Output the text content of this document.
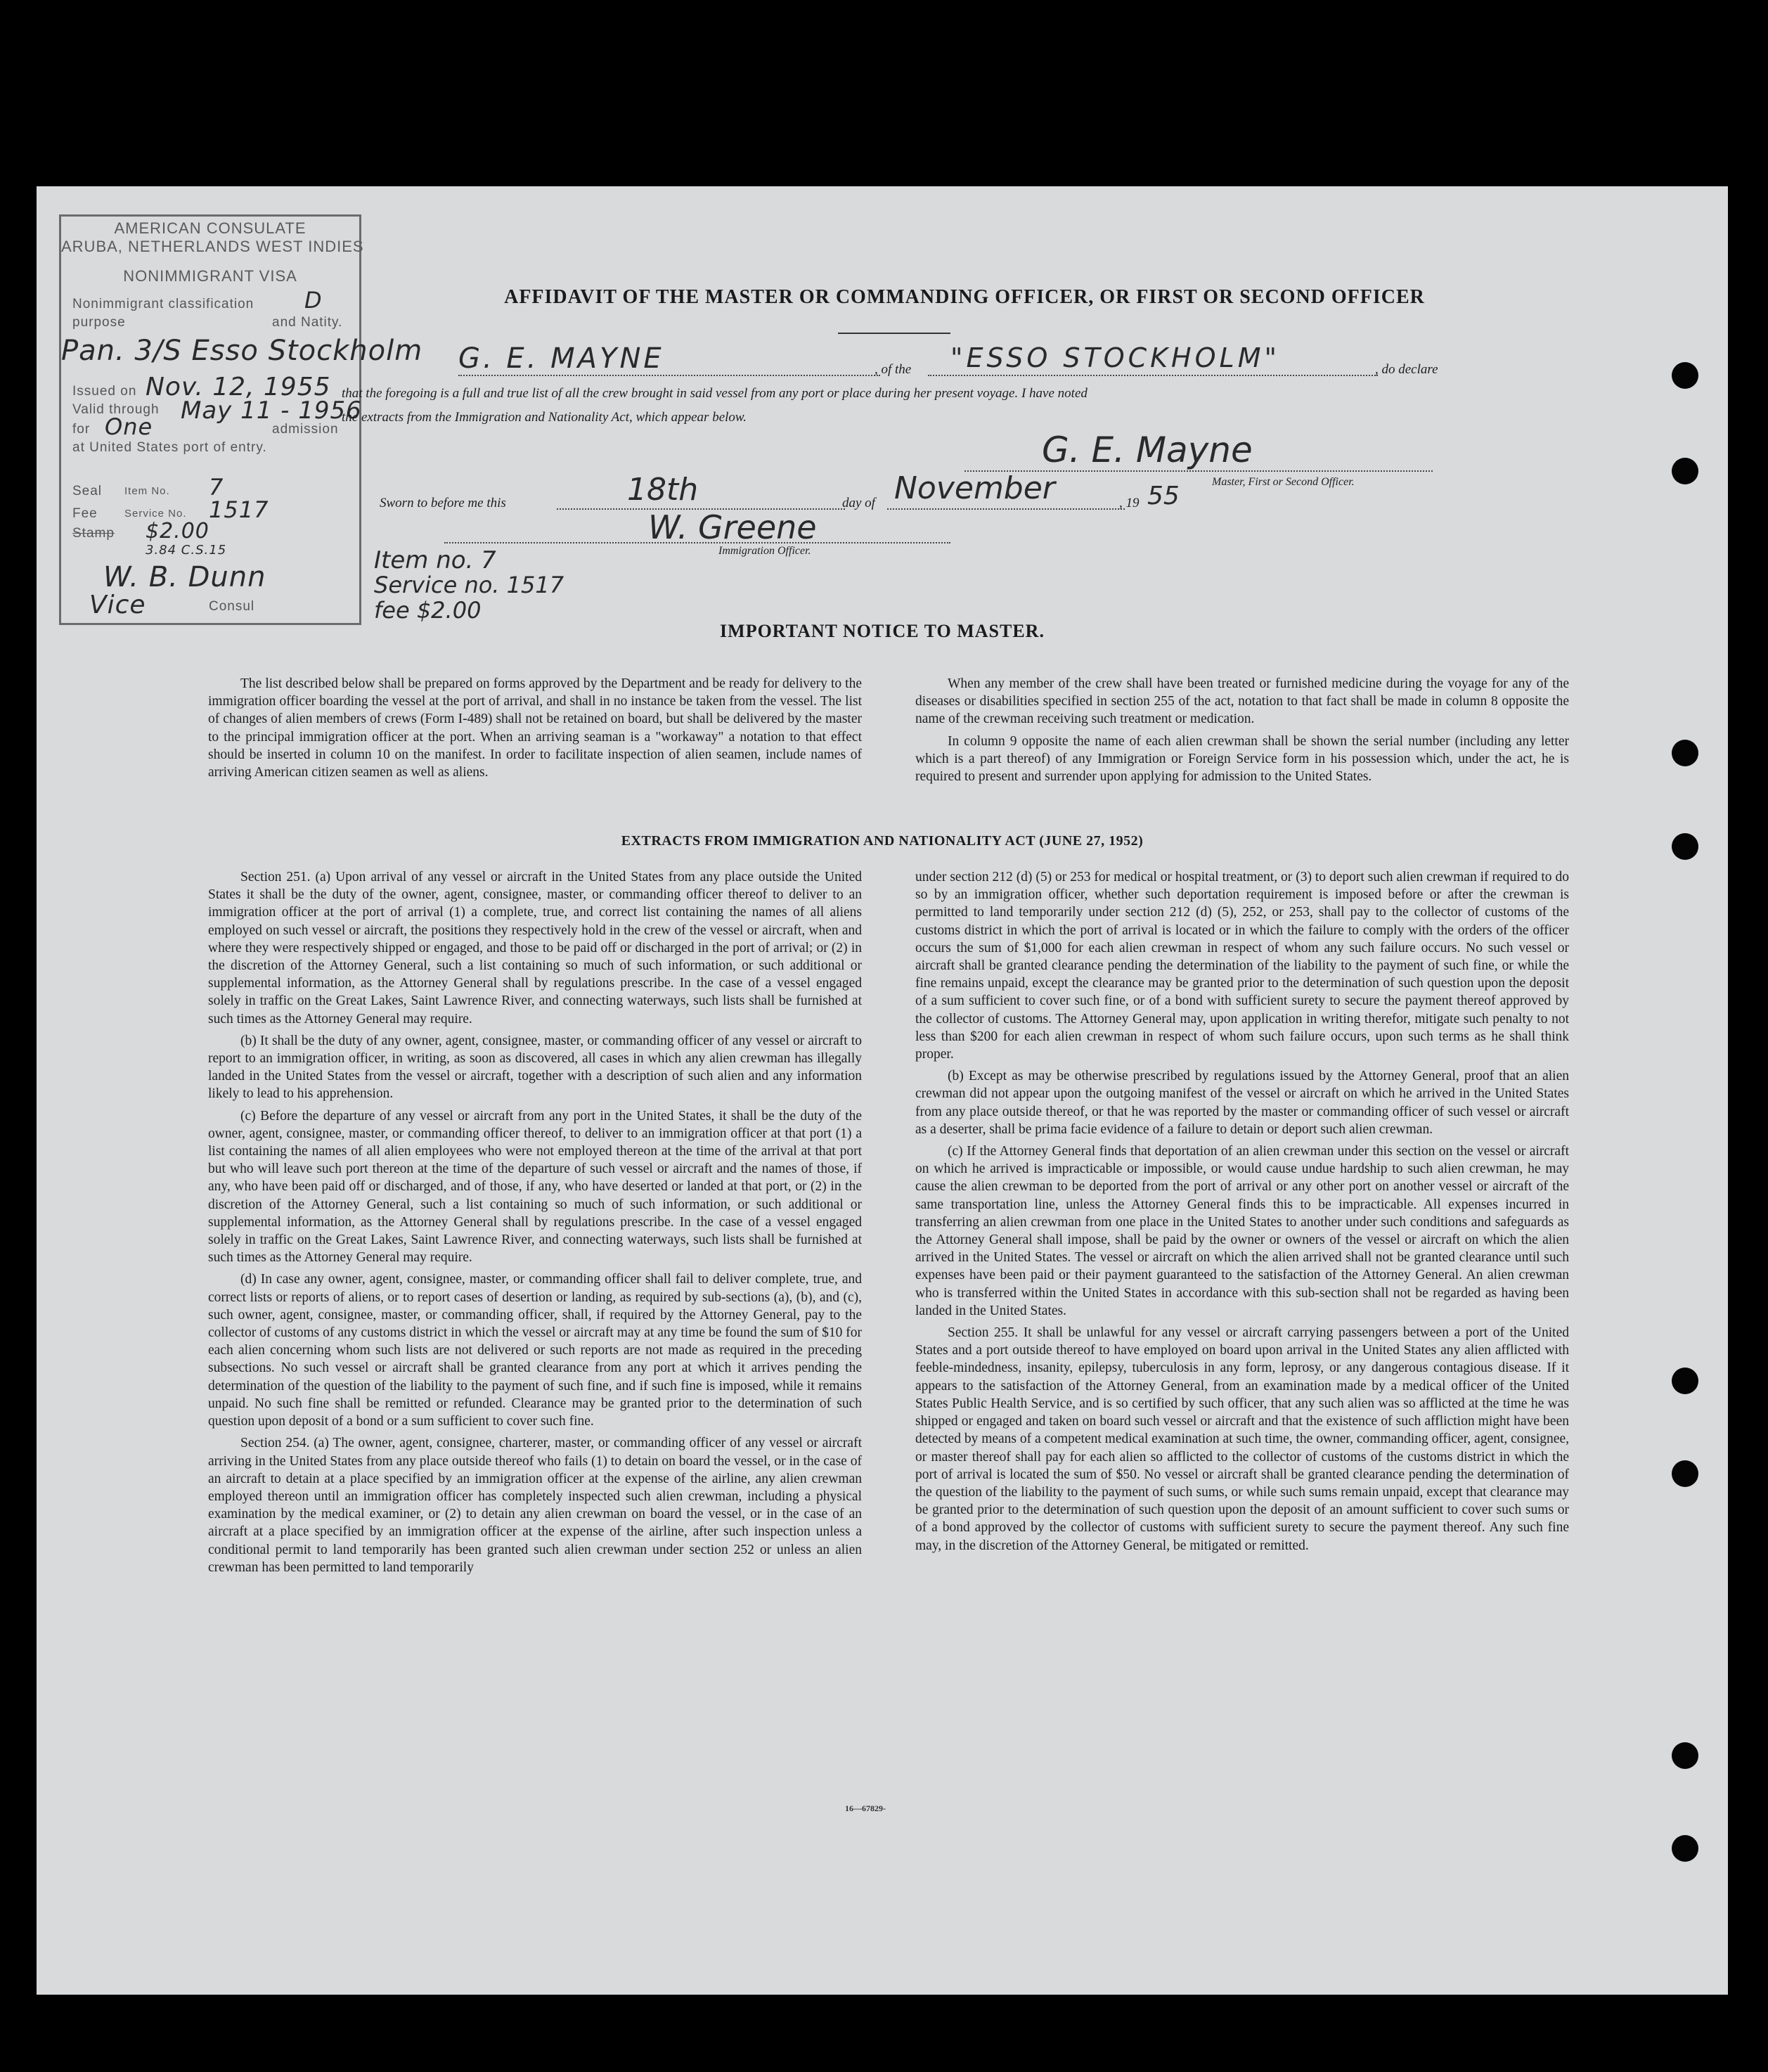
AMERICAN CONSULATE
ARUBA, NETHERLANDS WEST INDIES
NONIMMIGRANT VISA
Nonimmigrant classification D
purpose	and Natity.
Pan. 3/S Esso Stockholm
Issued on Nov. 12, 1955
Valid through May 11 - 1956
for One	admission
at United States port of entry.
Seal Item No. 7
Fee	Service No. 1517
Stamp $2.00
3.84 C.S.15
W. B. Dunn
Vice	Consul
AFFIDAVIT OF THE MASTER OR COMMANDING OFFICER, OR FIRST OR SECOND OFFICER
G. E. MAYNE	, of the "ESSO STOCKHOLM"	, do declare
that the foregoing is a full and true list of all the crew brought in said vessel from any port or place during her present voyage. I have noted
the extracts from the Immigration and Nationality Act, which appear below.
G. E. Mayne
Master, First or Second Officer.
Sworn to before me this	18th	day of November	, 19 55
W. Greene
Immigration Officer.
Item no. 7
Service no. 1517
fee $2.00
IMPORTANT NOTICE TO MASTER.

The list described below shall be prepared on forms approved by the Department and be ready for delivery to the immigration officer boarding the vessel at the port of arrival, and shall in no instance be taken from the vessel. The list of changes of alien members of crews (Form I-489) shall not be retained on board, but shall be delivered by the master to the principal immigration officer at the port. When an arriving seaman is a "workaway" a notation to that effect should be inserted in column 10 on the manifest. In order to facilitate inspection of alien seamen, include names of arriving American citizen seamen as well as aliens.

When any member of the crew shall have been treated or furnished medicine during the voyage for any of the diseases or disabilities specified in section 255 of the act, notation to that fact shall be made in column 8 opposite the name of the crewman receiving such treatment or medication.

In column 9 opposite the name of each alien crewman shall be shown the serial number (including any letter which is a part thereof) of any Immigration or Foreign Service form in his possession which, under the act, he is required to present and surrender upon applying for admission to the United States.

EXTRACTS FROM IMMIGRATION AND NATIONALITY ACT (JUNE 27, 1952)

Section 251. (a) Upon arrival of any vessel or aircraft in the United States from any place outside the United States it shall be the duty of the owner, agent, consignee, master, or commanding officer thereof to deliver to an immigration officer at the port of arrival (1) a complete, true, and correct list containing the names of all aliens employed on such vessel or aircraft, the positions they respectively hold in the crew of the vessel or aircraft, when and where they were respectively shipped or engaged, and those to be paid off or discharged in the port of arrival; or (2) in the discretion of the Attorney General, such a list containing so much of such information, or such additional or supplemental information, as the Attorney General shall by regulations prescribe. In the case of a vessel engaged solely in traffic on the Great Lakes, Saint Lawrence River, and connecting waterways, such lists shall be furnished at such times as the Attorney General may require.

(b) It shall be the duty of any owner, agent, consignee, master, or commanding officer of any vessel or aircraft to report to an immigration officer, in writing, as soon as discovered, all cases in which any alien crewman has illegally landed in the United States from the vessel or aircraft, together with a description of such alien and any information likely to lead to his apprehension.

(c) Before the departure of any vessel or aircraft from any port in the United States, it shall be the duty of the owner, agent, consignee, master, or commanding officer thereof, to deliver to an immigration officer at that port (1) a list containing the names of all alien employees who were not employed thereon at the time of the arrival at that port but who will leave such port thereon at the time of the departure of such vessel or aircraft and the names of those, if any, who have been paid off or discharged, and of those, if any, who have deserted or landed at that port, or (2) in the discretion of the Attorney General, such a list containing so much of such information, or such additional or supplemental information, as the Attorney General shall by regulations prescribe. In the case of a vessel engaged solely in traffic on the Great Lakes, Saint Lawrence River, and connecting waterways, such lists shall be furnished at such times as the Attorney General may require.

(d) In case any owner, agent, consignee, master, or commanding officer shall fail to deliver complete, true, and correct lists or reports of aliens, or to report cases of desertion or landing, as required by sub-sections (a), (b), and (c), such owner, agent, consignee, master, or commanding officer, shall, if required by the Attorney General, pay to the collector of customs of any customs district in which the vessel or aircraft may at any time be found the sum of $10 for each alien concerning whom such lists are not delivered or such reports are not made as required in the preceding subsections. No such vessel or aircraft shall be granted clearance from any port at which it arrives pending the determination of the question of the liability to the payment of such fine, and if such fine is imposed, while it remains unpaid. No such fine shall be remitted or refunded. Clearance may be granted prior to the determination of such question upon deposit of a bond or a sum sufficient to cover such fine.

Section 254. (a) The owner, agent, consignee, charterer, master, or commanding officer of any vessel or aircraft arriving in the United States from any place outside thereof who fails (1) to detain on board the vessel, or in the case of an aircraft to detain at a place specified by an immigration officer at the expense of the airline, any alien crewman employed thereon until an immigration officer has completely inspected such alien crewman, including a physical examination by the medical examiner, or (2) to detain any alien crewman on board the vessel, or in the case of an aircraft at a place specified by an immigration officer at the expense of the airline, after such inspection unless a conditional permit to land temporarily has been granted such alien crewman under section 252 or unless an alien crewman has been permitted to land temporarily

under section 212 (d) (5) or 253 for medical or hospital treatment, or (3) to deport such alien crewman if required to do so by an immigration officer, whether such deportation requirement is imposed before or after the crewman is permitted to land temporarily under section 212 (d) (5), 252, or 253, shall pay to the collector of customs of the customs district in which the port of arrival is located or in which the failure to comply with the orders of the officer occurs the sum of $1,000 for each alien crewman in respect of whom any such failure occurs. No such vessel or aircraft shall be granted clearance pending the determination of the liability to the payment of such fine, or while the fine remains unpaid, except the clearance may be granted prior to the determination of such question upon the deposit of a sum sufficient to cover such fine, or of a bond with sufficient surety to secure the payment thereof approved by the collector of customs. The Attorney General may, upon application in writing therefor, mitigate such penalty to not less than $200 for each alien crewman in respect of whom such failure occurs, upon such terms as he shall think proper.

(b) Except as may be otherwise prescribed by regulations issued by the Attorney General, proof that an alien crewman did not appear upon the outgoing manifest of the vessel or aircraft on which he arrived in the United States from any place outside thereof, or that he was reported by the master or commanding officer of such vessel or aircraft as a deserter, shall be prima facie evidence of a failure to detain or deport such alien crewman.

(c) If the Attorney General finds that deportation of an alien crewman under this section on the vessel or aircraft on which he arrived is impracticable or impossible, or would cause undue hardship to such alien crewman, he may cause the alien crewman to be deported from the port of arrival or any other port on another vessel or aircraft of the same transportation line, unless the Attorney General finds this to be impracticable. All expenses incurred in transferring an alien crewman from one place in the United States to another under such conditions and safeguards as the Attorney General shall impose, shall be paid by the owner or owners of the vessel or aircraft on which the alien arrived in the United States. The vessel or aircraft on which the alien arrived shall not be granted clearance until such expenses have been paid or their payment guaranteed to the satisfaction of the Attorney General. An alien crewman who is transferred within the United States in accordance with this sub-section shall not be regarded as having been landed in the United States.

Section 255. It shall be unlawful for any vessel or aircraft carrying passengers between a port of the United States and a port outside thereof to have employed on board upon arrival in the United States any alien afflicted with feeble-mindedness, insanity, epilepsy, tuberculosis in any form, leprosy, or any dangerous contagious disease. If it appears to the satisfaction of the Attorney General, from an examination made by a medical officer of the United States Public Health Service, and is so certified by such officer, that any such alien was so afflicted at the time he was shipped or engaged and taken on board such vessel or aircraft and that the existence of such affliction might have been detected by means of a competent medical examination at such time, the owner, commanding officer, agent, consignee, or master thereof shall pay for each alien so afflicted to the collector of customs of the customs district in which the port of arrival is located the sum of $50. No vessel or aircraft shall be granted clearance pending the determination of the question of the liability to the payment of such sums, or while such sums remain unpaid, except that clearance may be granted prior to the determination of such question upon the deposit of an amount sufficient to cover such sums or of a bond approved by the collector of customs with sufficient surety to secure the payment thereof. Any such fine may, in the discretion of the Attorney General, be mitigated or remitted.

16—67829-
